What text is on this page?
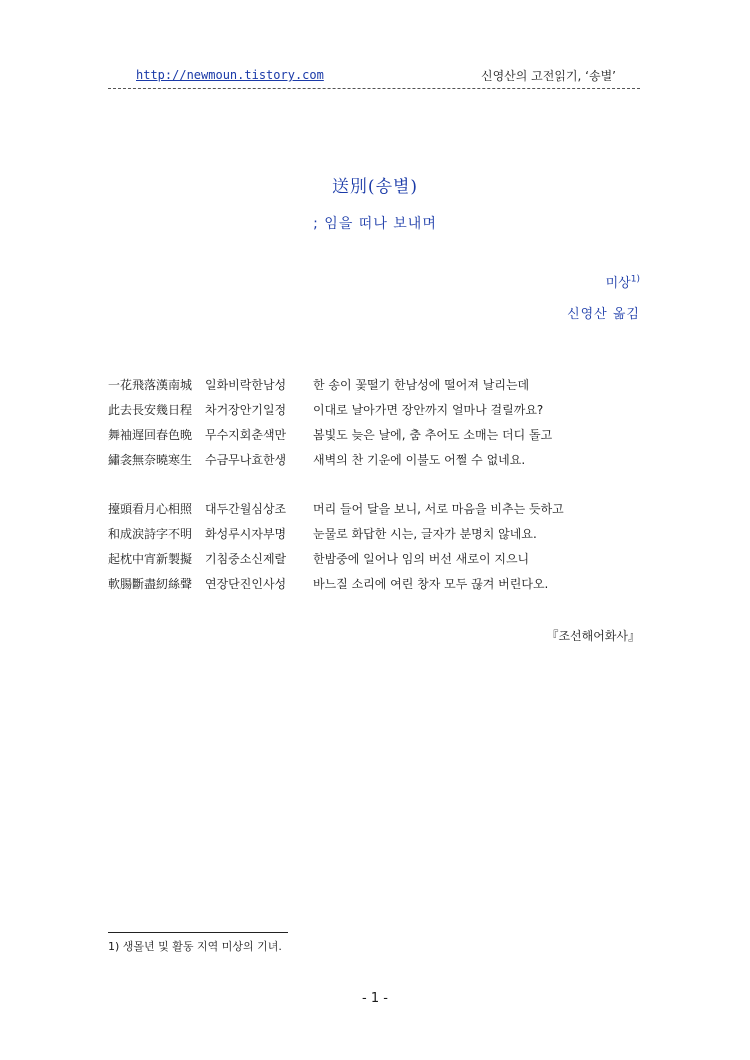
http://newmoun.tistory.com	신영산의 고전읽기, ‘송별’
送別(송별)
; 임을 떠나 보내며
미상$^{1)}$
신영산 옮김
一花飛落漢南城 일화비락한남성 한 송이 꽃떨기 한남성에 떨어져 날리는데
此去長安幾日程 차거장안기일정 이대로 날아가면 장안까지 얼마나 걸릴까요?
舞袖遅回春色晩 무수지회춘색만 봄빛도 늦은 날에, 춤 추어도 소매는 더디 돌고
繡衾無奈曉寒生 수금무나효한생 새벽의 찬 기운에 이불도 어쩔 수 없네요.
擡頭看月心相照 대두간월심상조 머리 들어 달을 보니, 서로 마음을 비추는 듯하고
和成涙詩字不明 화성루시자부명 눈물로 화답한 시는, 글자가 분명치 않네요.
起枕中宵新製擬 기침중소신제랄 한밤중에 일어나 임의 버선 새로이 지으니
軟腸斷盡紉絲聲 연장단진인사성 바느질 소리에 여린 창자 모두 끊겨 버린다오.
『조선해어화사』
1) 생몰년 및 활동 지역 미상의 기녀.
- 1 -
